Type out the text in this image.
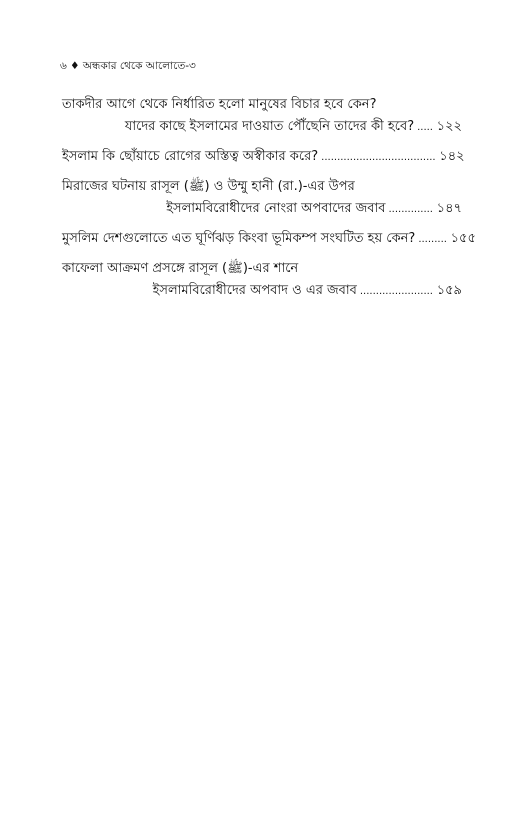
৬ ♦ অন্ধকার থেকে আলোতে-৩
তাকদীর আগে থেকে নির্ধারিত হলো মানুষের বিচার হবে কেন?
যাদের কাছে ইসলামের দাওয়াত পৌঁছেনি তাদের কী হবে? ..... ১২২
ইসলাম কি ছোঁয়াচে রোগের অস্তিত্ব অস্বীকার করে? .................................... ১৪২
মিরাজের ঘটনায় রাসূল (ﷺ) ও উম্মু হানী (রা.)-এর উপর
ইসলামবিরোধীদের নোংরা অপবাদের জবাব .............. ১৪৭
মুসলিম দেশগুলোতে এত ঘূর্ণিঝড় কিংবা ভূমিকম্প সংঘটিত হয় কেন? ......... ১৫৫
কাফেলা আক্রমণ প্রসঙ্গে রাসূল (ﷺ)-এর শানে
ইসলামবিরোধীদের অপবাদ ও এর জবাব ....................... ১৫৯
